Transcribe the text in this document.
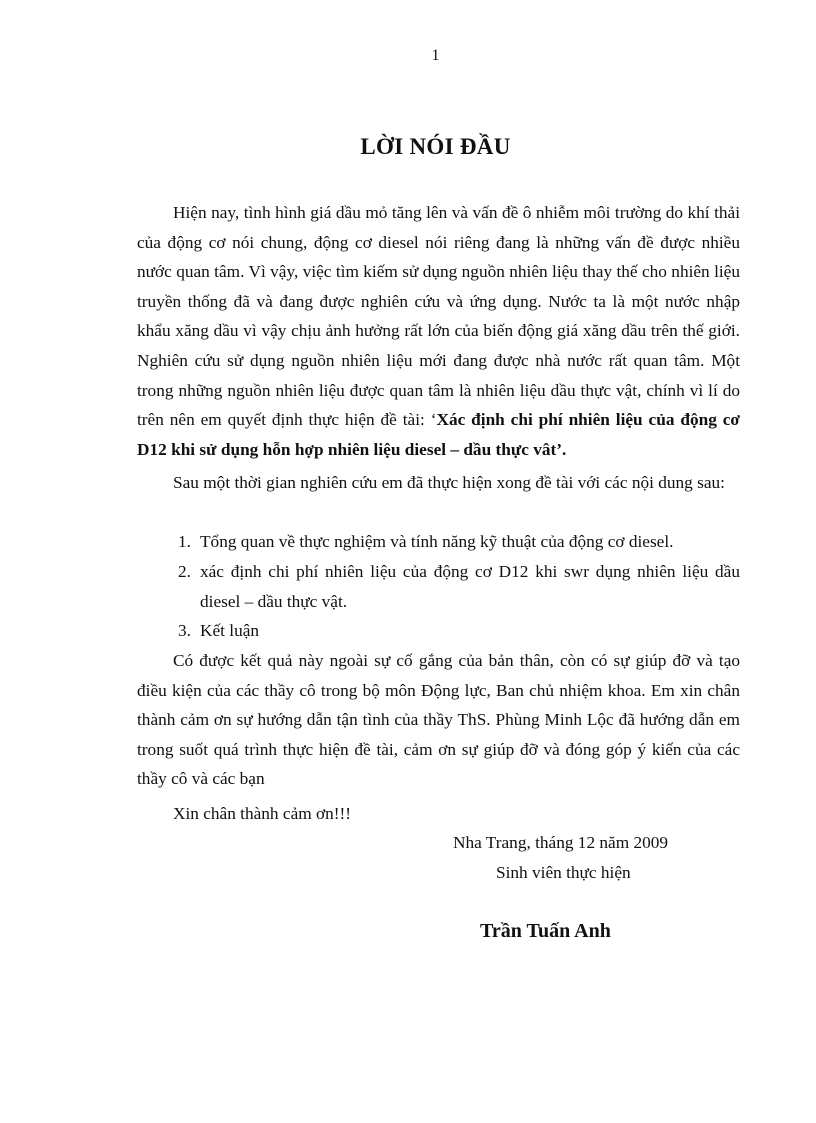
1
LỜI NÓI ĐẦU
Hiện nay, tình hình giá dầu mỏ tăng lên và vấn đề ô nhiễm môi trường do khí thải của động cơ nói chung, động cơ diesel nói riêng đang là những vấn đề được nhiều nước quan tâm. Vì vậy, việc tìm kiếm sử dụng nguồn nhiên liệu thay thế cho nhiên liệu truyền thống đã và đang được nghiên cứu và ứng dụng. Nước ta là một nước nhập khẩu xăng dầu vì vậy chịu ảnh hưởng rất lớn của biến động giá xăng dầu trên thế giới. Nghiên cứu sử dụng nguồn nhiên liệu mới đang được nhà nước rất quan tâm. Một trong những nguồn nhiên liệu được quan tâm là nhiên liệu dầu thực vật, chính vì lí do trên nên em quyết định thực hiện đề tài: ‘Xác định chi phí nhiên liệu của động cơ D12 khi sử dụng hỗn hợp nhiên liệu diesel – dầu thực vât’.
Sau một thời gian nghiên cứu em đã thực hiện xong đề tài với các nội dung sau:
1. Tổng quan về thực nghiệm và tính năng kỹ thuật của động cơ diesel.
2. xác định chi phí nhiên liệu của động cơ D12 khi swr dụng nhiên liệu dầu diesel – dầu thực vật.
3. Kết luận
Có được kết quả này ngoài sự cố gắng của bản thân, còn có sự giúp đỡ và tạo điều kiện của các thầy cô trong bộ môn Động lực, Ban chủ nhiệm khoa. Em xin chân thành cảm ơn sự hướng dẫn tận tình của thầy ThS. Phùng Minh Lộc đã hướng dẫn em trong suốt quá trình thực hiện đề tài, cảm ơn sự giúp đỡ và đóng góp ý kiến của các thầy cô và các bạn
Xin chân thành cảm ơn!!!
Nha Trang, tháng 12 năm 2009
Sinh viên thực hiện
Trần Tuấn Anh
